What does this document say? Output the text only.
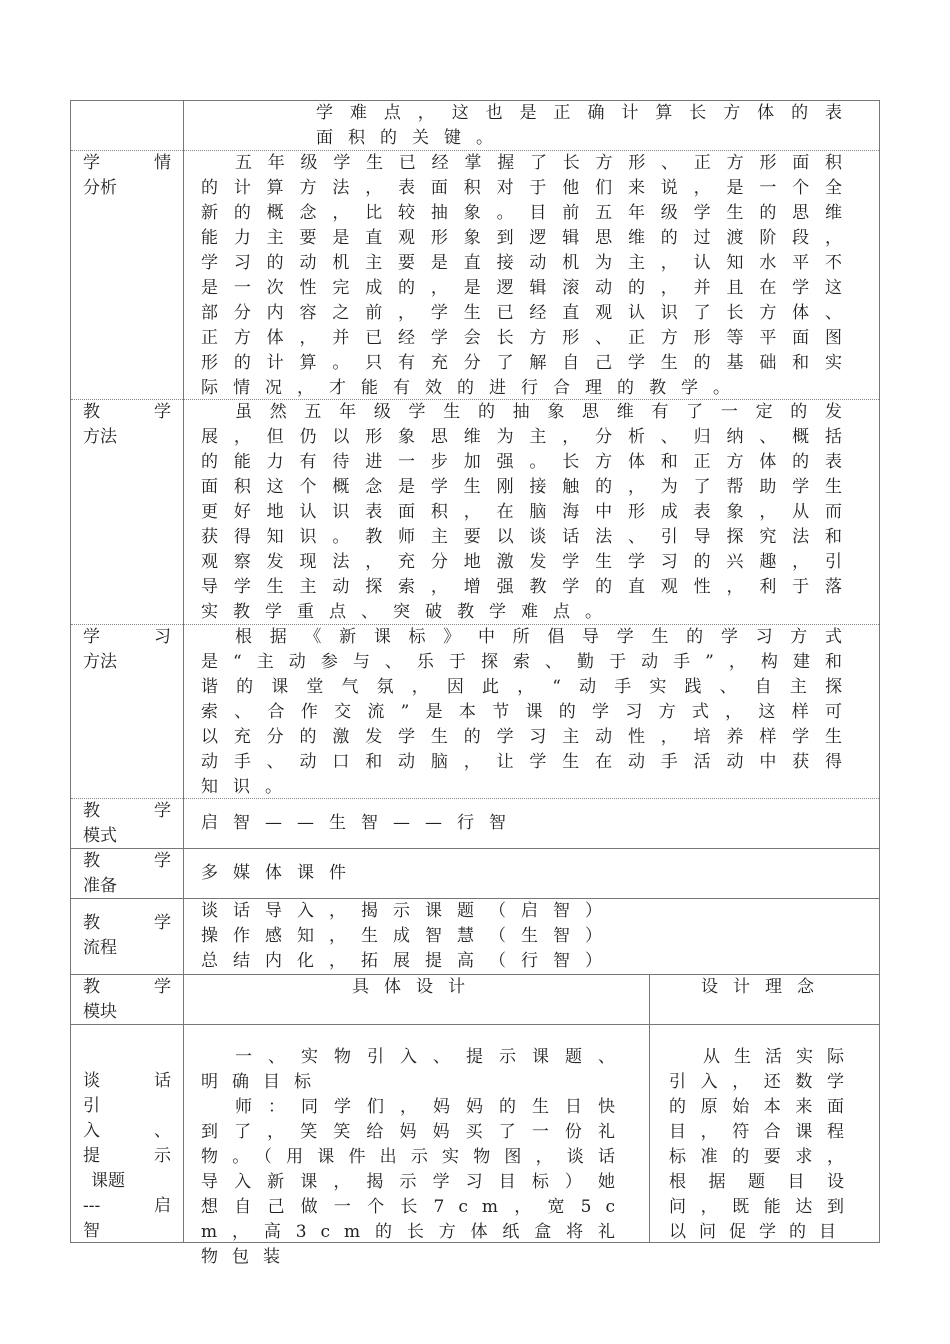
学难点，这也是正确计算长方体的表面积的关键。
学　　情
分析
五年级学生已经掌握了长方形、正方形面积的计算方法，表面积对于他们来说，是一个全新的概念，比较抽象。目前五年级学生的思维能力主要是直观形象到逻辑思维的过渡阶段，学习的动机主要是直接动机为主，认知水平不是一次性完成的，是逻辑滚动的，并且在学这部分内容之前，学生已经直观认识了长方体、正方体，并已经学会长方形、正方形等平面图形的计算。只有充分了解自己学生的基础和实际情况，才能有效的进行合理的教学。
教　　学
方法
虽然五年级学生的抽象思维有了一定的发展，但仍以形象思维为主，分析、归纳、概括的能力有待进一步加强。长方体和正方体的表面积这个概念是学生刚接触的，为了帮助学生更好地认识表面积，在脑海中形成表象，从而获得知识。教师主要以谈话法、引导探究法和观察发现法，充分地激发学生学习的兴趣，引导学生主动探索，增强教学的直观性，利于落实教学重点、突破教学难点。
学　　习
方法
根据《新课标》中所倡导学生的学习方式是“主动参与、乐于探索、勤于动手”，构建和谐的课堂气氛，因此，“动手实践、自主探索、合作交流”是本节课的学习方式，这样可以充分的激发学生的学习主动性，培养样学生动手、动口和动脑，让学生在动手活动中获得知识。
教　　学
模式
启智——生智——行智
教　　学
准备
多媒体课件
教　　学
流程
谈话导入，揭示课题（启智）
操作感知，生成智慧（生智）
总结内化，拓展提高（行智）
教　　学
模块
具体设计	设计理念
谈　　话
引
入　　、
提　　示
课题
---　启
智
一、实物引入、提示课题、明确目标
师：同学们，妈妈的生日快到了，笑笑给妈妈买了一份礼物。（用课件出示实物图，谈话导入新课，揭示学习目标）她想自己做一个长7cm，宽5cm，高3cm的长方体纸盒将礼物包装
从生活实际引入，还数学的原始本来面目，符合课程标准的要求，根据题目设问，既能达到以问促学的目
